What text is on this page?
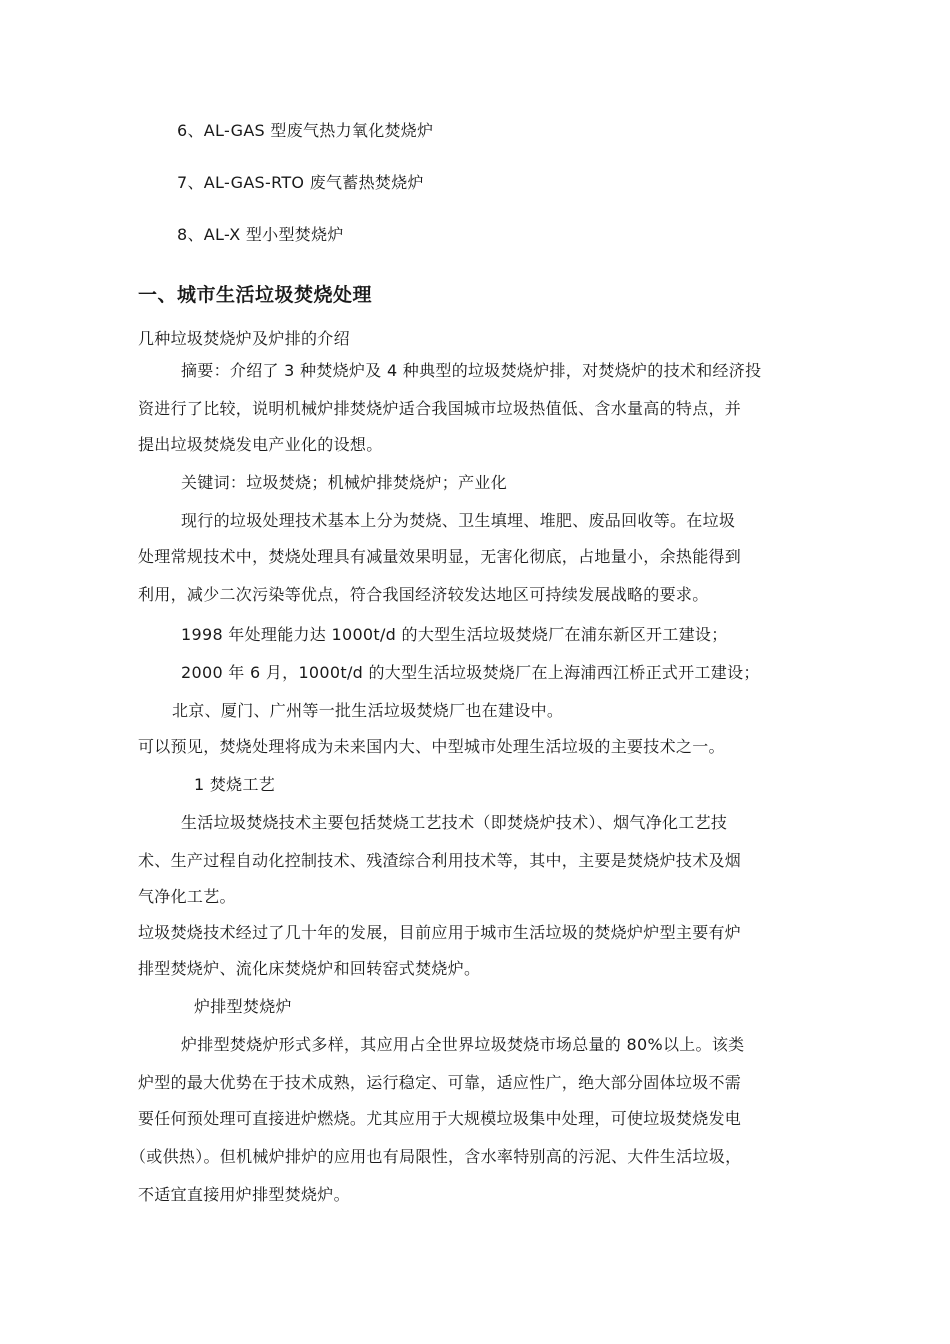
6、AL-GAS 型废气热力氧化焚烧炉
7、AL-GAS-RTO 废气蓄热焚烧炉
8、AL-X 型小型焚烧炉
一、城市生活垃圾焚烧处理
几种垃圾焚烧炉及炉排的介绍
摘要：介绍了 3 种焚烧炉及 4 种典型的垃圾焚烧炉排，对焚烧炉的技术和经济投
资进行了比较，说明机械炉排焚烧炉适合我国城市垃圾热值低、含水量高的特点，并
提出垃圾焚烧发电产业化的设想。
关键词：垃圾焚烧；机械炉排焚烧炉；产业化
现行的垃圾处理技术基本上分为焚烧、卫生填埋、堆肥、废品回收等。在垃圾
处理常规技术中，焚烧处理具有减量效果明显，无害化彻底，占地量小，余热能得到
利用，减少二次污染等优点，符合我国经济较发达地区可持续发展战略的要求。
1998 年处理能力达 1000t/d 的大型生活垃圾焚烧厂在浦东新区开工建设；
2000 年 6 月，1000t/d 的大型生活垃圾焚烧厂在上海浦西江桥正式开工建设；
北京、厦门、广州等一批生活垃圾焚烧厂也在建设中。
可以预见，焚烧处理将成为未来国内大、中型城市处理生活垃圾的主要技术之一。
1 焚烧工艺
生活垃圾焚烧技术主要包括焚烧工艺技术（即焚烧炉技术）、烟气净化工艺技
术、生产过程自动化控制技术、残渣综合利用技术等，其中，主要是焚烧炉技术及烟
气净化工艺。
垃圾焚烧技术经过了几十年的发展，目前应用于城市生活垃圾的焚烧炉炉型主要有炉
排型焚烧炉、流化床焚烧炉和回转窑式焚烧炉。
炉排型焚烧炉
炉排型焚烧炉形式多样，其应用占全世界垃圾焚烧市场总量的 80%以上。该类
炉型的最大优势在于技术成熟，运行稳定、可靠，适应性广，绝大部分固体垃圾不需
要任何预处理可直接进炉燃烧。尤其应用于大规模垃圾集中处理，可使垃圾焚烧发电
（或供热）。但机械炉排炉的应用也有局限性，含水率特别高的污泥、大件生活垃圾，
不适宜直接用炉排型焚烧炉。
